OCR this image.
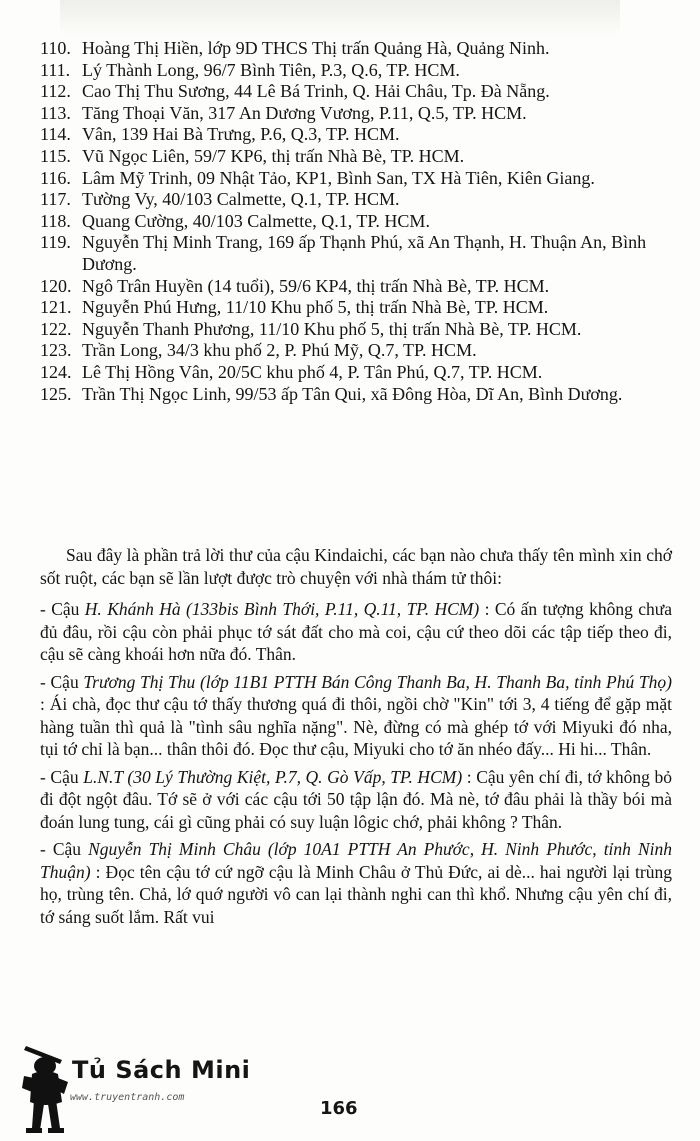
110. Hoàng Thị Hiền, lớp 9D THCS Thị trấn Quảng Hà, Quảng Ninh.
111. Lý Thành Long, 96/7 Bình Tiên, P.3, Q.6, TP. HCM.
112. Cao Thị Thu Sương, 44 Lê Bá Trinh, Q. Hải Châu, Tp. Đà Nẵng.
113. Tăng Thoại Văn, 317 An Dương Vương, P.11, Q.5, TP. HCM.
114. Vân, 139 Hai Bà Trưng, P.6, Q.3, TP. HCM.
115. Vũ Ngọc Liên, 59/7 KP6, thị trấn Nhà Bè, TP. HCM.
116. Lâm Mỹ Trinh, 09 Nhật Tảo, KP1, Bình San, TX Hà Tiên, Kiên Giang.
117. Tường Vy, 40/103 Calmette, Q.1, TP. HCM.
118. Quang Cường, 40/103 Calmette, Q.1, TP. HCM.
119. Nguyễn Thị Minh Trang, 169 ấp Thạnh Phú, xã An Thạnh, H. Thuận An, Bình Dương.
120. Ngô Trân Huyền (14 tuổi), 59/6 KP4, thị trấn Nhà Bè, TP. HCM.
121. Nguyễn Phú Hưng, 11/10 Khu phố 5, thị trấn Nhà Bè, TP. HCM.
122. Nguyễn Thanh Phương, 11/10 Khu phố 5, thị trấn Nhà Bè, TP. HCM.
123. Trần Long, 34/3 khu phố 2, P. Phú Mỹ, Q.7, TP. HCM.
124. Lê Thị Hồng Vân, 20/5C khu phố 4, P. Tân Phú, Q.7, TP. HCM.
125. Trần Thị Ngọc Linh, 99/53 ấp Tân Qui, xã Đông Hòa, Dĩ An, Bình Dương.

Sau đây là phần trả lời thư của cậu Kindaichi, các bạn nào chưa thấy tên mình xin chớ sốt ruột, các bạn sẽ lần lượt được trò chuyện với nhà thám tử thôi:

- Cậu H. Khánh Hà (133bis Bình Thới, P.11, Q.11, TP. HCM) : Có ấn tượng không chưa đủ đâu, rồi cậu còn phải phục tớ sát đất cho mà coi, cậu cứ theo dõi các tập tiếp theo đi, cậu sẽ càng khoái hơn nữa đó. Thân.

- Cậu Trương Thị Thu (lớp 11B1 PTTH Bán Công Thanh Ba, H. Thanh Ba, tỉnh Phú Thọ) : Ái chà, đọc thư cậu tớ thấy thương quá đi thôi, ngồi chờ "Kin" tới 3, 4 tiếng để gặp mặt hàng tuần thì quả là "tình sâu nghĩa nặng". Nè, đừng có mà ghép tớ với Miyuki đó nha, tụi tớ chỉ là bạn... thân thôi đó. Đọc thư cậu, Miyuki cho tớ ăn nhéo đấy... Hi hi... Thân.

- Cậu L.N.T (30 Lý Thường Kiệt, P.7, Q. Gò Vấp, TP. HCM) : Cậu yên chí đi, tớ không bỏ đi đột ngột đâu. Tớ sẽ ở với các cậu tới 50 tập lận đó. Mà nè, tớ đâu phải là thầy bói mà đoán lung tung, cái gì cũng phải có suy luận lôgic chớ, phải không ? Thân.

- Cậu Nguyễn Thị Minh Châu (lớp 10A1 PTTH An Phước, H. Ninh Phước, tỉnh Ninh Thuận) : Đọc tên cậu tớ cứ ngỡ cậu là Minh Châu ở Thủ Đức, ai dè... hai người lại trùng họ, trùng tên. Chả, lớ quớ người vô can lại thành nghi can thì khổ. Nhưng cậu yên chí đi, tớ sáng suốt lắm. Rất vui

Tủ Sách Mini
www.truyentranh.com
166
